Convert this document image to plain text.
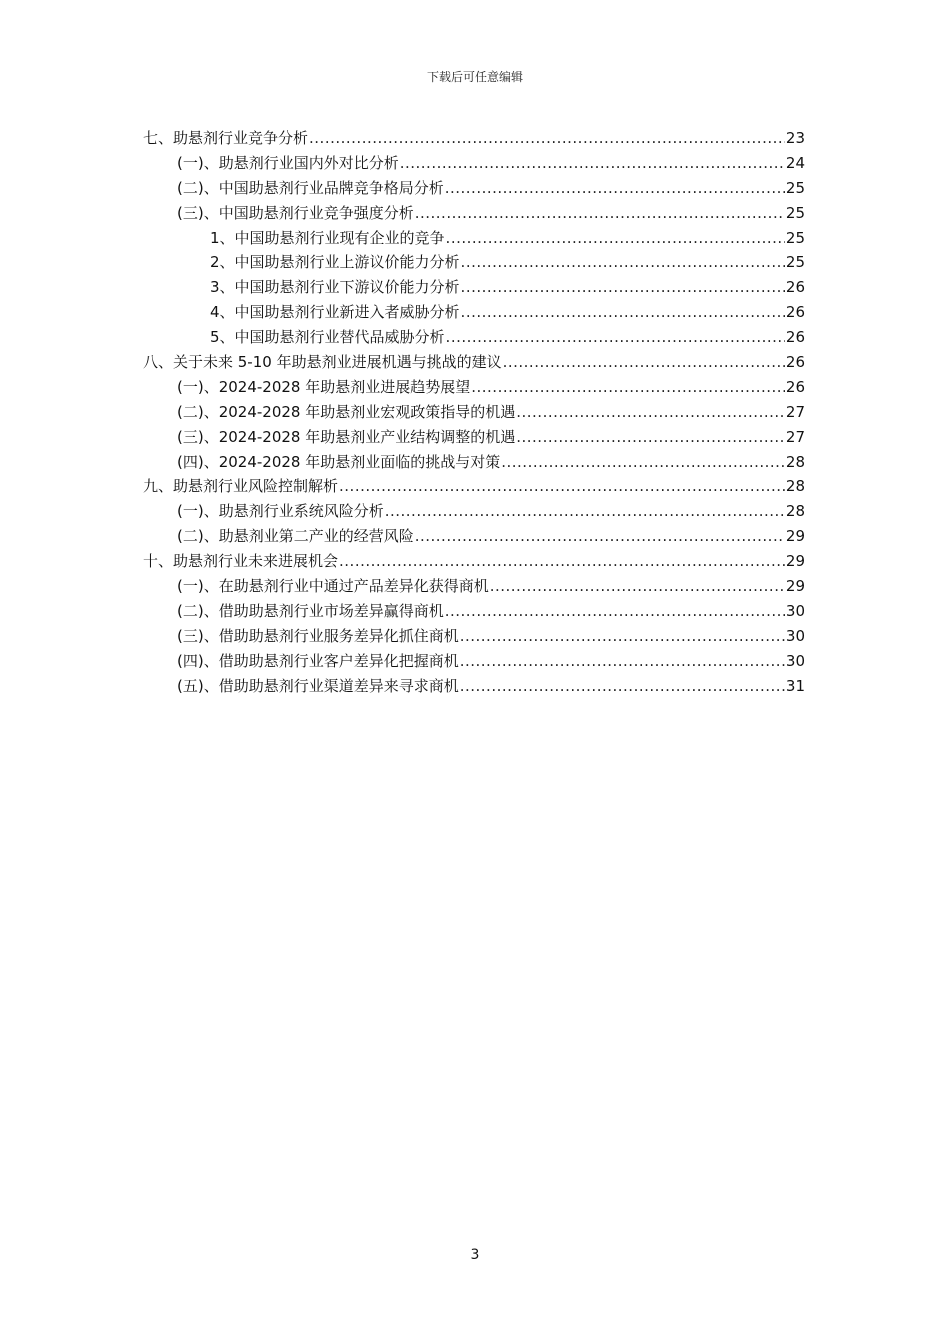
下载后可任意编辑
七、助悬剂行业竞争分析 .....	23
(一)、助悬剂行业国内外对比分析 .....	24
(二)、中国助悬剂行业品牌竞争格局分析 .....	25
(三)、中国助悬剂行业竞争强度分析 .....	25
1、中国助悬剂行业现有企业的竞争 .....	25
2、中国助悬剂行业上游议价能力分析 .....	25
3、中国助悬剂行业下游议价能力分析 .....	26
4、中国助悬剂行业新进入者威胁分析 .....	26
5、中国助悬剂行业替代品威胁分析 .....	26
八、关于未来 5-10 年助悬剂业进展机遇与挑战的建议 .....	26
(一)、2024-2028 年助悬剂业进展趋势展望 .....	26
(二)、2024-2028 年助悬剂业宏观政策指导的机遇 .....	27
(三)、2024-2028 年助悬剂业产业结构调整的机遇 .....	27
(四)、2024-2028 年助悬剂业面临的挑战与对策 .....	28
九、助悬剂行业风险控制解析 .....	28
(一)、助悬剂行业系统风险分析 .....	28
(二)、助悬剂业第二产业的经营风险 .....	29
十、助悬剂行业未来进展机会 .....	29
(一)、在助悬剂行业中通过产品差异化获得商机 .....	29
(二)、借助助悬剂行业市场差异赢得商机 .....	30
(三)、借助助悬剂行业服务差异化抓住商机 .....	30
(四)、借助助悬剂行业客户差异化把握商机 .....	30
(五)、借助助悬剂行业渠道差异来寻求商机 .....	31
3
